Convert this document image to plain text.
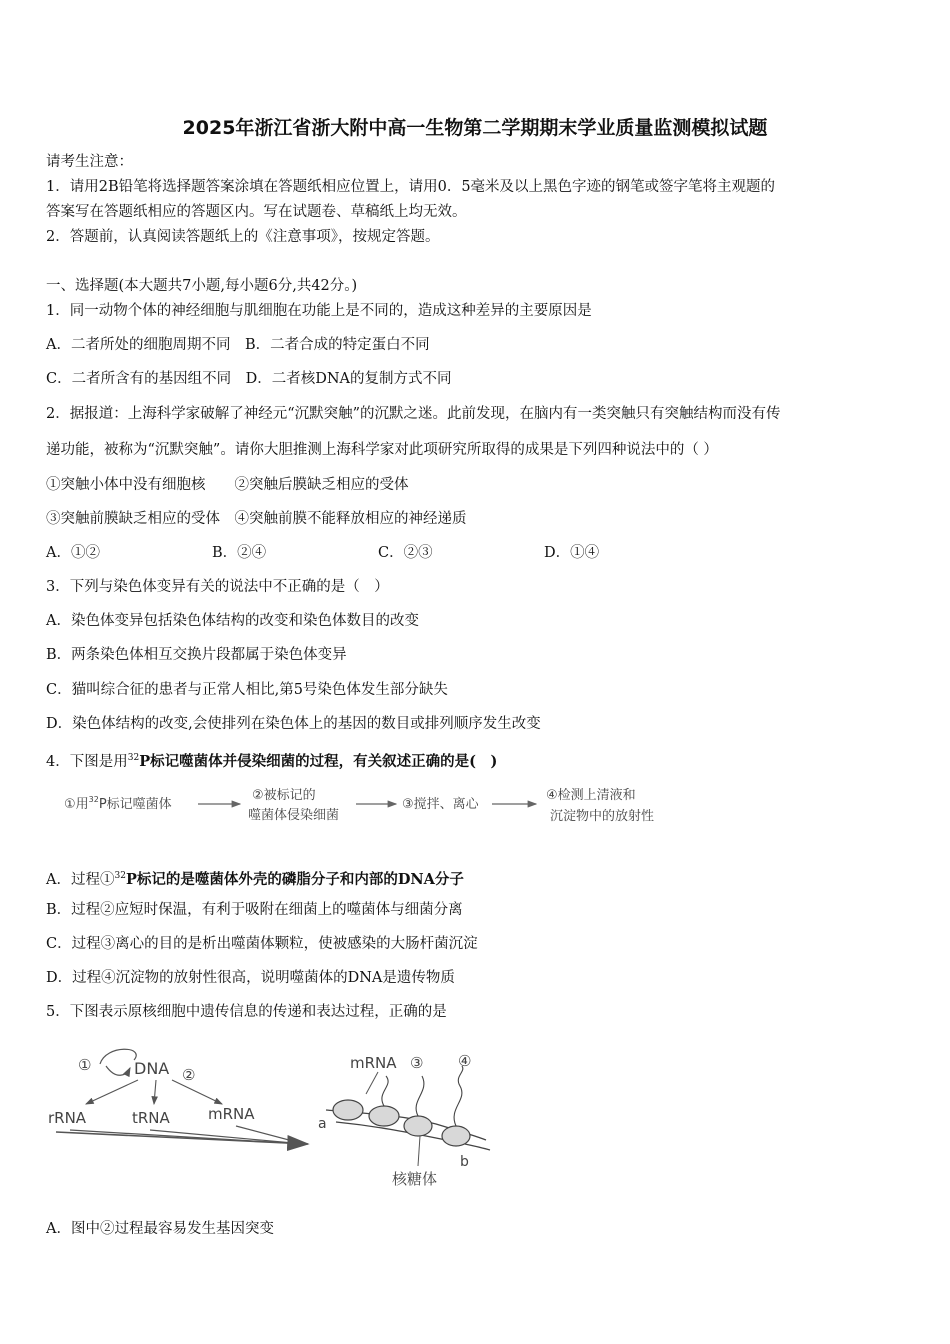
2025年浙江省浙大附中高一生物第二学期期末学业质量监测模拟试题
请考生注意：
1．请用2B铅笔将选择题答案涂填在答题纸相应位置上，请用0．5毫米及以上黑色字迹的钢笔或签字笔将主观题的
答案写在答题纸相应的答题区内。写在试题卷、草稿纸上均无效。
2．答题前，认真阅读答题纸上的《注意事项》，按规定答题。
一、选择题(本大题共7小题,每小题6分,共42分。)
1．同一动物个体的神经细胞与肌细胞在功能上是不同的，造成这种差异的主要原因是
A．二者所处的细胞周期不同　B．二者合成的特定蛋白不同
C．二者所含有的基因组不同　D．二者核DNA的复制方式不同
2．据报道：上海科学家破解了神经元“沉默突触”的沉默之迷。此前发现，在脑内有一类突触只有突触结构而没有传
递功能，被称为“沉默突触”。请你大胆推测上海科学家对此项研究所取得的成果是下列四种说法中的（ ）
①突触小体中没有细胞核　　②突触后膜缺乏相应的受体
③突触前膜缺乏相应的受体　④突触前膜不能释放相应的神经递质
A．①②	B．②④	C．②③	D．①④
3．下列与染色体变异有关的说法中不正确的是（　）
A．染色体变异包括染色体结构的改变和染色体数目的改变
B．两条染色体相互交换片段都属于染色体变异
C．猫叫综合征的患者与正常人相比,第5号染色体发生部分缺失
D．染色体结构的改变,会使排列在染色体上的基因的数目或排列顺序发生改变
4．下图是用$^{32}$P标记噬菌体并侵染细菌的过程，有关叙述正确的是(　)
①用$^{32}$P标记噬菌体
②被标记的
噬菌体侵染细菌
③搅拌、离心
④检测上清液和
沉淀物中的放射性
A．过程①$^{32}$P标记的是噬菌体外壳的磷脂分子和内部的DNA分子
B．过程②应短时保温，有利于吸附在细菌上的噬菌体与细菌分离
C．过程③离心的目的是析出噬菌体颗粒，使被感染的大肠杆菌沉淀
D．过程④沉淀物的放射性很高，说明噬菌体的DNA是遗传物质
5．下图表示原核细胞中遗传信息的传递和表达过程，正确的是
①	DNA ②
rRNA	tRNA	mRNA
mRNA ③ ④
a
b
核糖体
A．图中②过程最容易发生基因突变
